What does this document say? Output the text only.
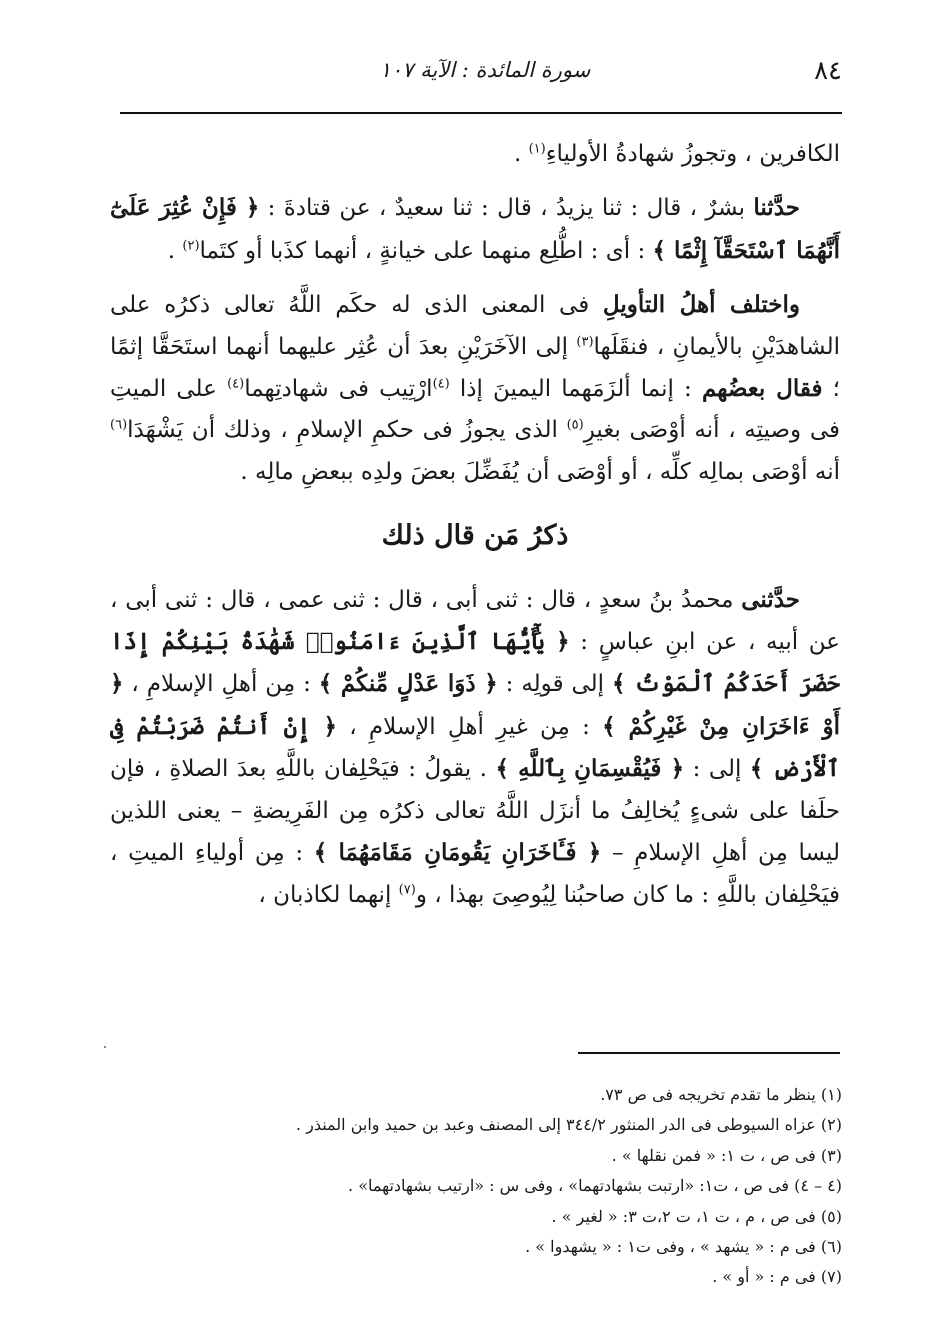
٨٤
سورة المائدة : الآية ١٠٧

الكافرين ، وتجوزُ شهادةُ الأولياءِ$^{(١)}$ .

حدَّثنا بشرٌ ، قال : ثنا يزيدُ ، قال : ثنا سعيدٌ ، عن قتادةَ : ﴿ فَإِنْ عُثِرَ عَلَىٰٓ أَنَّهُمَا ٱسْتَحَقَّآ إِثْمًا ﴾ : أى : اطُّلِع منهما على خيانةٍ ، أنهما كذَبا أو كتَما$^{(٢)}$ .

واختلف أهلُ التأويلِ فى المعنى الذى له حكَم اللَّهُ تعالى ذكرُه على الشاهدَيْنِ بالأيمانِ ، فنقَلَها$^{(٣)}$ إلى الآخَرَيْنِ بعدَ أن عُثِر عليهما أنهما استَحَقَّا إثمًا ؛ فقال بعضُهم : إنما ألزَمَهما اليمينَ إذا $^{(٤)}$ارْتِيب فى شهادتِهما$^{(٤)}$ على الميتِ فى وصيتِه ، أنه أوْصَى بغيرِ$^{(٥)}$ الذى يجوزُ فى حكمِ الإسلامِ ، وذلك أن يَشْهَدَا$^{(٦)}$ أنه أوْصَى بمالِه كلِّه ، أو أوْصَى أن يُفَضِّلَ بعضَ ولدِه ببعضِ مالِه .

ذكرُ مَن قال ذلك

حدَّثنى محمدُ بنُ سعدٍ ، قال : ثنى أبى ، قال : ثنى عمى ، قال : ثنى أبى ، عن أبيه ، عن ابنِ عباسٍ : ﴿ يَٰٓأَيُّهَا ٱلَّذِينَ ءَامَنُوا۟ شَهَٰدَةُ بَيْنِكُمْ إِذَا حَضَرَ أَحَدَكُمُ ٱلْمَوْتُ ﴾ إلى قولِه : ﴿ ذَوَا عَدْلٍ مِّنكُمْ ﴾ : مِن أهلِ الإسلامِ ، ﴿ أَوْ ءَاخَرَانِ مِنْ غَيْرِكُمْ ﴾ : مِن غيرِ أهلِ الإسلامِ ، ﴿ إِنْ أَنتُمْ ضَرَبْتُمْ فِى ٱلْأَرْضِ ﴾ إلى : ﴿ فَيُقْسِمَانِ بِٱللَّهِ ﴾ . يقولُ : فيَحْلِفان باللَّهِ بعدَ الصلاةِ ، فإن حلَفا على شىءٍ يُخالِفُ ما أنزَل اللَّهُ تعالى ذكرُه مِن الفَرِيضةِ – يعنى اللذين ليسا مِن أهلِ الإسلامِ – ﴿ فَـَٔاخَرَانِ يَقُومَانِ مَقَامَهُمَا ﴾ : مِن أولياءِ الميتِ ، فيَحْلِفان باللَّهِ : ما كان صاحبُنا لِيُوصِىَ بهذا ، و$^{(٧)}$ إنهما لكاذبان ،

(١) ينظر ما تقدم تخريجه فى ص ٧٣.

(٢) عزاه السيوطى فى الدر المنثور ٣٤٤/٢ إلى المصنف وعبد بن حميد وابن المنذر .

(٣) فى ص ، ت ١: « فمن نقلها » .

(٤ – ٤) فى ص ، ت١: «ارتبت بشهادتهما» ، وفى س : «ارتيب بشهادتهما» .

(٥) فى ص ، م ، ت ١، ت ٢،ت ٣: « لغير » .

(٦) فى م : « يشهد » ، وفى ت١ : « يشهدوا » .

(٧) فى م : « أو » .
